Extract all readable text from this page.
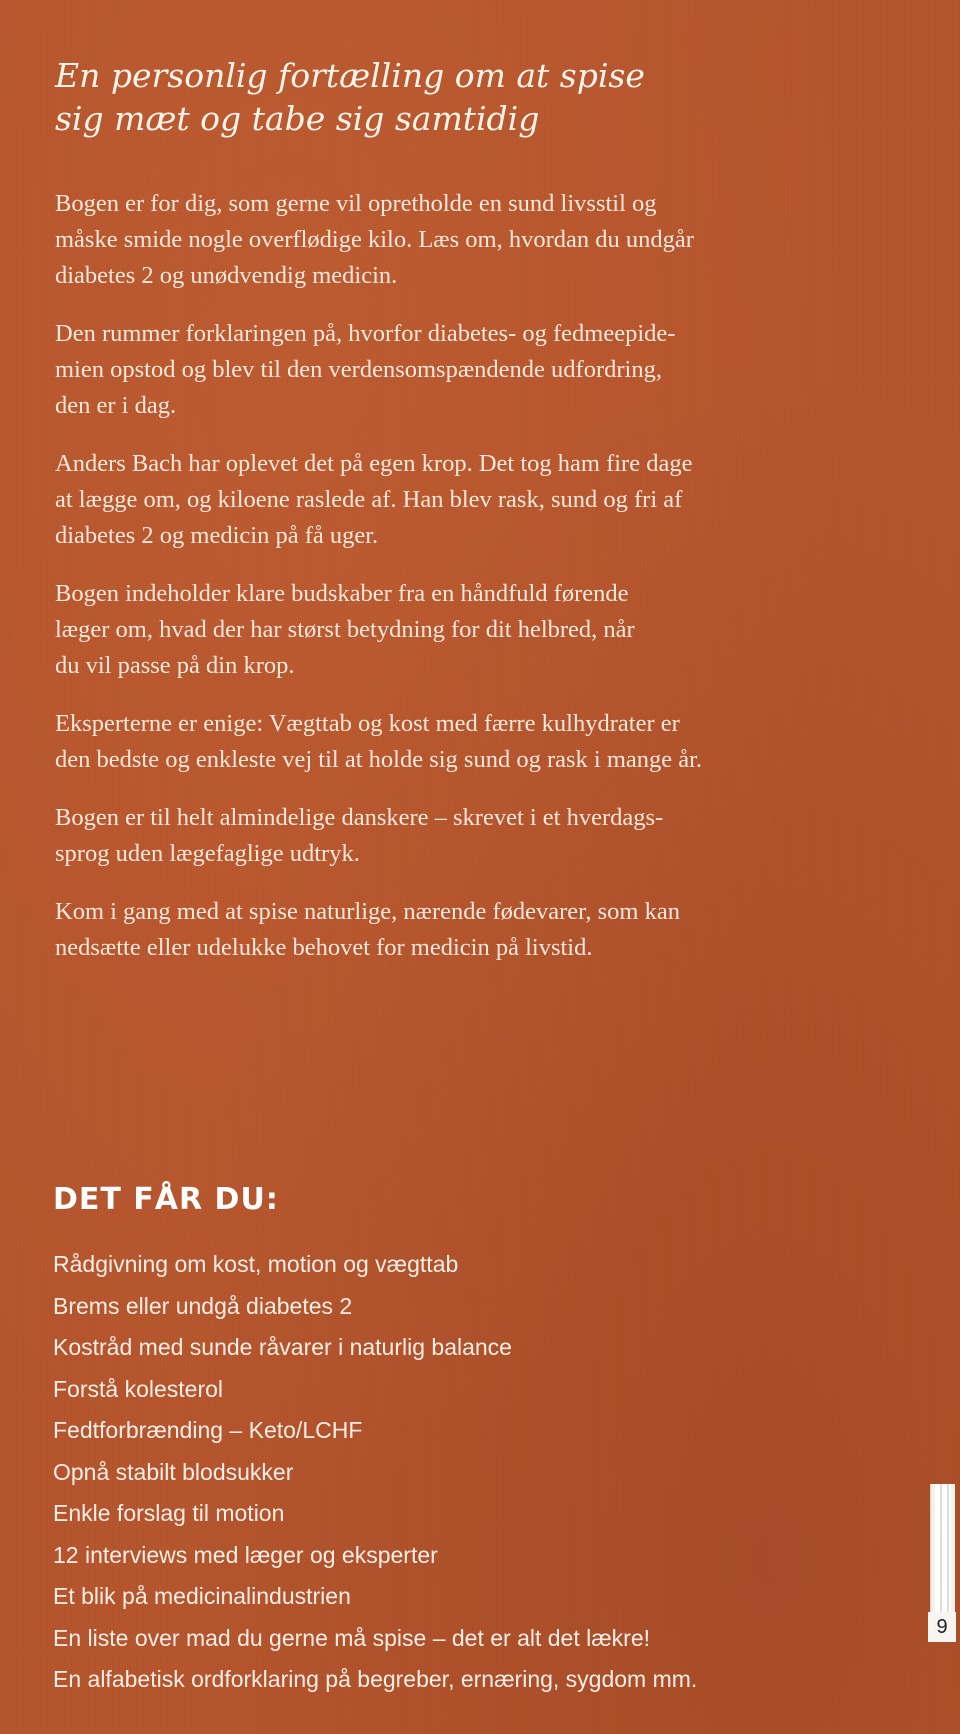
En personlig fortælling om at spise
sig mæt og tabe sig samtidig

Bogen er for dig, som gerne vil opretholde en sund livsstil og
måske smide nogle overflødige kilo. Læs om, hvordan du undgår
diabetes 2 og unødvendig medicin.

Den rummer forklaringen på, hvorfor diabetes- og fedmeepide-
mien opstod og blev til den verdensomspændende udfordring,
den er i dag.

Anders Bach har oplevet det på egen krop. Det tog ham fire dage
at lægge om, og kiloene raslede af. Han blev rask, sund og fri af
diabetes 2 og medicin på få uger.

Bogen indeholder klare budskaber fra en håndfuld førende
læger om, hvad der har størst betydning for dit helbred, når
du vil passe på din krop.

Eksperterne er enige: Vægttab og kost med færre kulhydrater er
den bedste og enkleste vej til at holde sig sund og rask i mange år.

Bogen er til helt almindelige danskere – skrevet i et hverdags-
sprog uden lægefaglige udtryk.

Kom i gang med at spise naturlige, nærende fødevarer, som kan
nedsætte eller udelukke behovet for medicin på livstid.

DET FÅR DU:
Rådgivning om kost, motion og vægttab
Brems eller undgå diabetes 2
Kostråd med sunde råvarer i naturlig balance
Forstå kolesterol
Fedtforbrænding – Keto/LCHF
Opnå stabilt blodsukker
Enkle forslag til motion
12 interviews med læger og eksperter
Et blik på medicinalindustrien
En liste over mad du gerne må spise – det er alt det lækre!
En alfabetisk ordforklaring på begreber, ernæring, sygdom mm.
9
